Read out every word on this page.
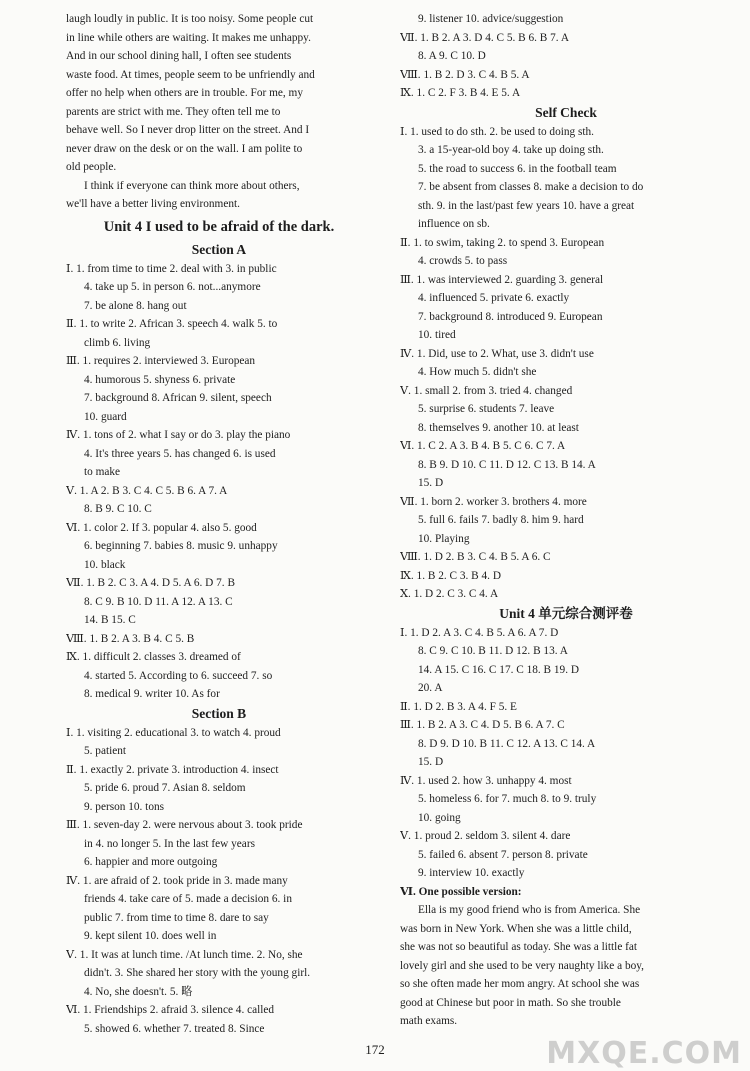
laugh loudly in public. It is too noisy. Some people cut
in line while others are waiting. It makes me unhappy.
And in our school dining hall, I often see students
waste food. At times, people seem to be unfriendly and
offer no help when others are in trouble. For me, my
parents are strict with me. They often tell me to
behave well. So I never drop litter on the street. And I
never draw on the desk or on the wall. I am polite to
old people.
I think if everyone can think more about others,
we'll have a better living environment.
Unit 4 I used to be afraid of the dark.
Section A
Ⅰ. 1. from time to time 2. deal with 3. in public
4. take up 5. in person 6. not...anymore
7. be alone 8. hang out
Ⅱ. 1. to write 2. African 3. speech 4. walk 5. to
climb 6. living
Ⅲ. 1. requires 2. interviewed 3. European
4. humorous 5. shyness 6. private
7. background 8. African 9. silent, speech
10. guard
Ⅳ. 1. tons of 2. what I say or do 3. play the piano
4. It's three years 5. has changed 6. is used
to make
Ⅴ. 1. A 2. B 3. C 4. C 5. B 6. A 7. A
8. B 9. C 10. C
Ⅵ. 1. color 2. If 3. popular 4. also 5. good
6. beginning 7. babies 8. music 9. unhappy
10. black
Ⅶ. 1. B 2. C 3. A 4. D 5. A 6. D 7. B
8. C 9. B 10. D 11. A 12. A 13. C
14. B 15. C
Ⅷ. 1. B 2. A 3. B 4. C 5. B
Ⅸ. 1. difficult 2. classes 3. dreamed of
4. started 5. According to 6. succeed 7. so
8. medical 9. writer 10. As for
Section B
Ⅰ. 1. visiting 2. educational 3. to watch 4. proud
5. patient
Ⅱ. 1. exactly 2. private 3. introduction 4. insect
5. pride 6. proud 7. Asian 8. seldom
9. person 10. tons
Ⅲ. 1. seven-day 2. were nervous about 3. took pride
in 4. no longer 5. In the last few years
6. happier and more outgoing
Ⅳ. 1. are afraid of 2. took pride in 3. made many
friends 4. take care of 5. made a decision 6. in
public 7. from time to time 8. dare to say
9. kept silent 10. does well in
Ⅴ. 1. It was at lunch time. /At lunch time. 2. No, she
didn't. 3. She shared her story with the young girl.
4. No, she doesn't. 5. 略
Ⅵ. 1. Friendships 2. afraid 3. silence 4. called
5. showed 6. whether 7. treated 8. Since
9. listener 10. advice/suggestion
Ⅶ. 1. B 2. A 3. D 4. C 5. B 6. B 7. A
8. A 9. C 10. D
Ⅷ. 1. B 2. D 3. C 4. B 5. A
Ⅸ. 1. C 2. F 3. B 4. E 5. A
Self Check
Ⅰ. 1. used to do sth. 2. be used to doing sth.
3. a 15-year-old boy 4. take up doing sth.
5. the road to success 6. in the football team
7. be absent from classes 8. make a decision to do
sth. 9. in the last/past few years 10. have a great
influence on sb.
Ⅱ. 1. to swim, taking 2. to spend 3. European
4. crowds 5. to pass
Ⅲ. 1. was interviewed 2. guarding 3. general
4. influenced 5. private 6. exactly
7. background 8. introduced 9. European
10. tired
Ⅳ. 1. Did, use to 2. What, use 3. didn't use
4. How much 5. didn't she
Ⅴ. 1. small 2. from 3. tried 4. changed
5. surprise 6. students 7. leave
8. themselves 9. another 10. at least
Ⅵ. 1. C 2. A 3. B 4. B 5. C 6. C 7. A
8. B 9. D 10. C 11. D 12. C 13. B 14. A
15. D
Ⅶ. 1. born 2. worker 3. brothers 4. more
5. full 6. fails 7. badly 8. him 9. hard
10. Playing
Ⅷ. 1. D 2. B 3. C 4. B 5. A 6. C
Ⅸ. 1. B 2. C 3. B 4. D
Ⅹ. 1. D 2. C 3. C 4. A
Unit 4 单元综合测评卷
Ⅰ. 1. D 2. A 3. C 4. B 5. A 6. A 7. D
8. C 9. C 10. B 11. D 12. B 13. A
14. A 15. C 16. C 17. C 18. B 19. D
20. A
Ⅱ. 1. D 2. B 3. A 4. F 5. E
Ⅲ. 1. B 2. A 3. C 4. D 5. B 6. A 7. C
8. D 9. D 10. B 11. C 12. A 13. C 14. A
15. D
Ⅳ. 1. used 2. how 3. unhappy 4. most
5. homeless 6. for 7. much 8. to 9. truly
10. going
Ⅴ. 1. proud 2. seldom 3. silent 4. dare
5. failed 6. absent 7. person 8. private
9. interview 10. exactly
Ⅵ. One possible version:
Ella is my good friend who is from America. She
was born in New York. When she was a little child,
she was not so beautiful as today. She was a little fat
lovely girl and she used to be very naughty like a boy,
so she often made her mom angry. At school she was
good at Chinese but poor in math. So she trouble
math exams.
172	MXQE.COM
